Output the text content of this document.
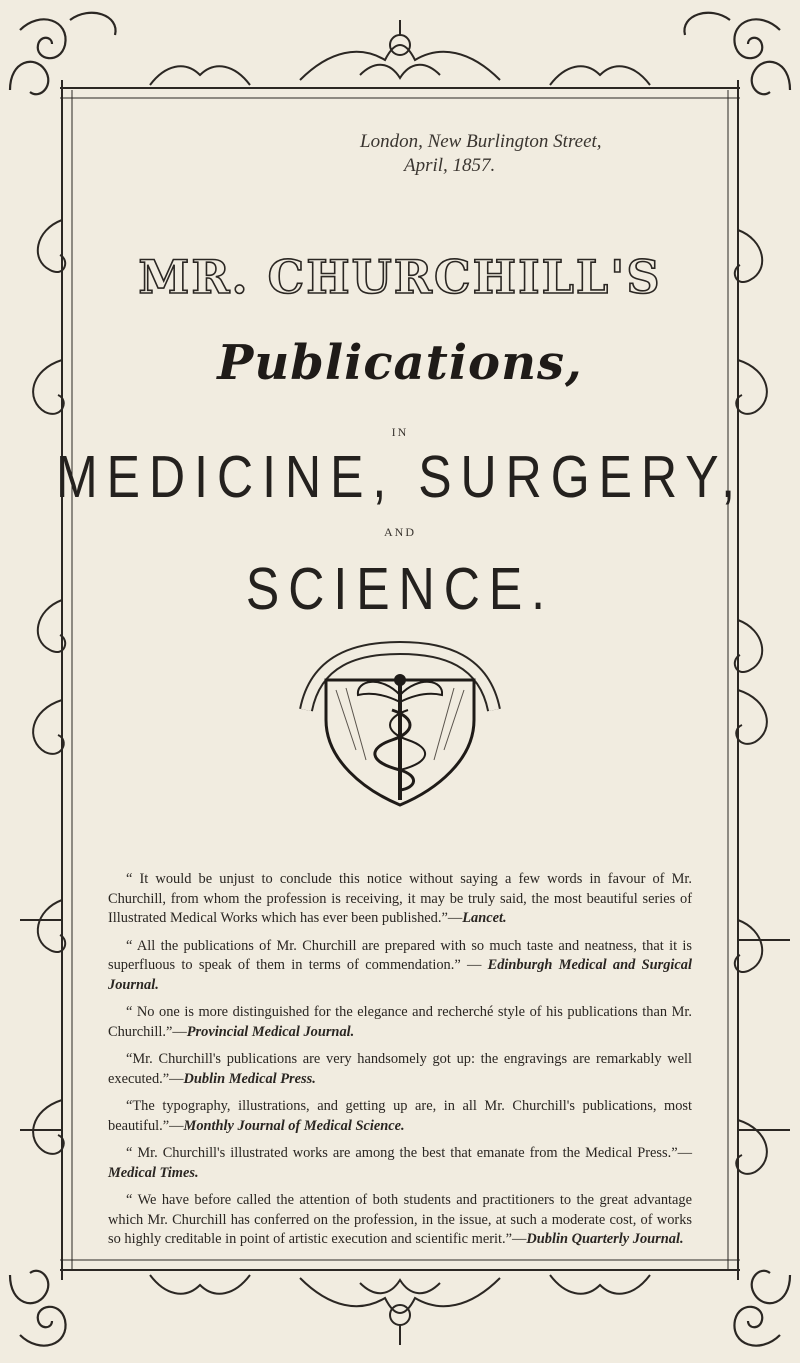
London, New Burlington Street,
April, 1857.
MR. CHURCHILL'S
Publications,
IN
MEDICINE, SURGERY,
AND
SCIENCE.

“ It would be unjust to conclude this notice without saying a few words in favour of Mr. Churchill, from whom the profession is receiving, it may be truly said, the most beautiful series of Illustrated Medical Works which has ever been published.”—Lancet.

“ All the publications of Mr. Churchill are prepared with so much taste and neatness, that it is superfluous to speak of them in terms of commendation.” — Edinburgh Medical and Surgical Journal.

“ No one is more distinguished for the elegance and recherché style of his publications than Mr. Churchill.”—Provincial Medical Journal.

“Mr. Churchill's publications are very handsomely got up: the engravings are remarkably well executed.”—Dublin Medical Press.

“The typography, illustrations, and getting up are, in all Mr. Churchill's publications, most beautiful.”—Monthly Journal of Medical Science.

“ Mr. Churchill's illustrated works are among the best that emanate from the Medical Press.”—Medical Times.

“ We have before called the attention of both students and practitioners to the great advantage which Mr. Churchill has conferred on the profession, in the issue, at such a moderate cost, of works so highly creditable in point of artistic execution and scientific merit.”—Dublin Quarterly Journal.
